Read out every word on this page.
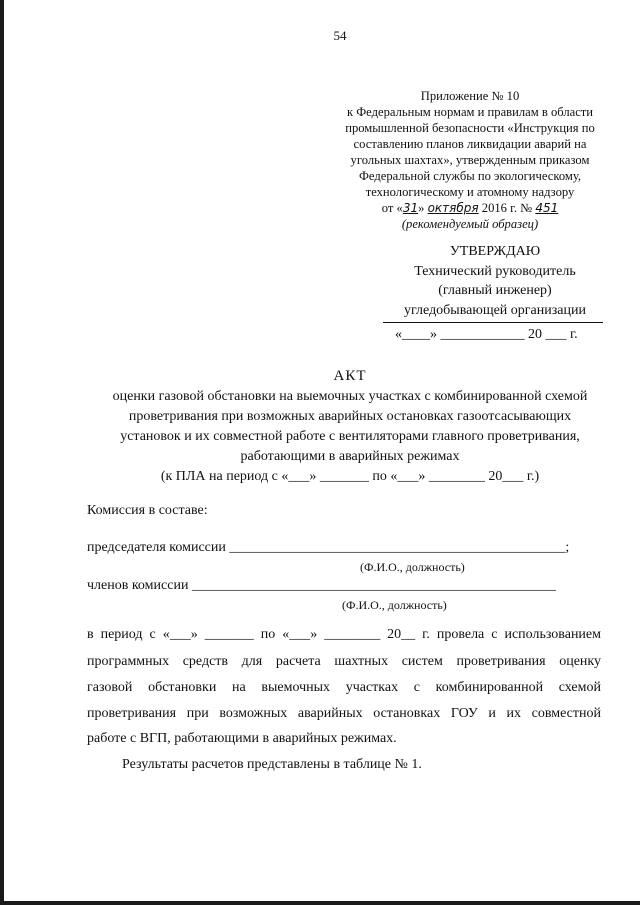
54
Приложение № 10
к Федеральным нормам и правилам в области
промышленной безопасности «Инструкция по
составлению планов ликвидации аварий на
угольных шахтах», утвержденным приказом
Федеральной службы по экологическому,
технологическому и атомному надзору
от «31» октября 2016 г. № 451
(рекомендуемый образец)
УТВЕРЖДАЮ
Технический руководитель
(главный инженер)
угледобывающей организации
«____» ____________ 20 ___ г.
АКТ
оценки газовой обстановки на выемочных участках с комбинированной схемой
проветривания при возможных аварийных остановках газоотсасывающих
установок и их совместной работе с вентиляторами главного проветривания,
работающими в аварийных режимах
(к ПЛА на период с «___» _______ по «___» ________ 20___ г.)
Комиссия в составе:
председателя комиссии ________________________________________________;
(Ф.И.О., должность)
членов комиссии ____________________________________________________
(Ф.И.О., должность)
в период с «___» _______ по «___» ________ 20__ г. провела с использованием
программных средств для расчета шахтных систем проветривания оценку
газовой обстановки на выемочных участках с комбинированной схемой
проветривания при возможных аварийных остановках ГОУ и их совместной
работе с ВГП, работающими в аварийных режимах.
Результаты расчетов представлены в таблице № 1.
